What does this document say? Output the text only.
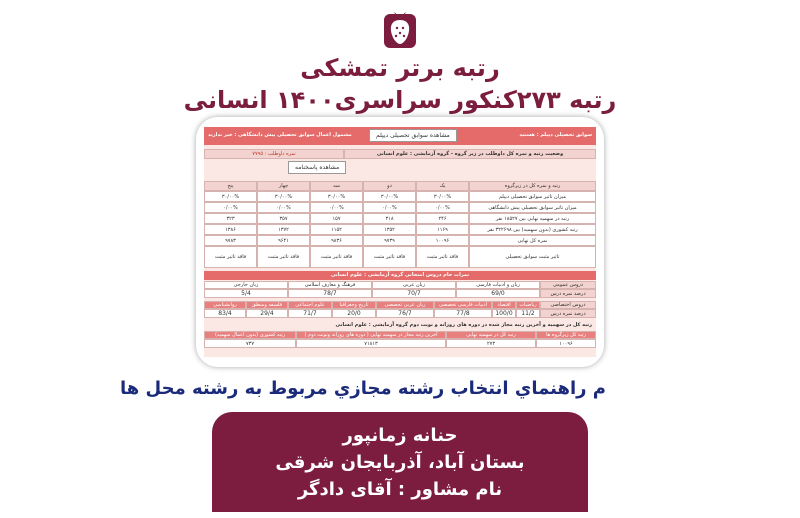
رتبه برتر تمشکی
رتبه ۲۷۳کنکور سراسری۱۴۰۰ انسانی
سوابق تحصیلی دیپلم : هستید
مشمول اعمال سوابق تحصیلی پیش دانشگاهی : خیر ندارید	مشاهده سوابق تحصیلی دیپلم
وضعیت رتبه و نمره کل داوطلب در زیر گروه - گروه آزمایشی : علوم انسانی
نمره داوطلب : ۷۷۹۵
مشاهده پاسخنامه
رتبه و نمره کل در زیرگروه
یک
دو
سه
چهار
پنج
میزان تاثیر سوابق تحصیلی دیپلم
۳۰/۰۰%
۳۰/۰۰%
۳۰/۰۰%
۳۰/۰۰%
۳۰/۰۰%
میزان تاثیر سوابق تحصیلی پیش دانشگاهی
۰/۰۰%
۰/۰۰%
۰/۰۰%
۰/۰۰%
۰/۰۰%
رتبه در سهمیه نهایی بین ۱۸۵۲۷ نفر
۲۴۶
۳۱۸
۱۵۷
۳۵۷
۳۲۳
رتبه کشوری (بدون سهمیه) بین ۳۲۲۶۹۸ نفر
۱۱۶۹
۱۳۵۲
۱۱۵۲
۱۳۷۲
۱۳۸۶
نمره کل نهایی
۱۰۰۹۶
۹۷۳۹
۹۸۳۶
۹۶۴۱
۹۷۸۳
تاثیر مثبت سوابق تحصیلی
فاقد تاثیر مثبت
فاقد تاثیر مثبت
فاقد تاثیر مثبت
فاقد تاثیر مثبت
فاقد تاثیر مثبت
نمرات خام دروس امتحانی گروه آزمایشی : علوم انسانی
دروس عمومی
زبان و ادبیات فارسی
زبان عربی
فرهنگ و معارف اسلامی
زبان خارجی
درصد نمره درس
69/0
70/7
78/7
5/4
دروس اختصاصی
ریاضیات
اقتصاد
ادبیات فارسی تخصصی
زبان عربی تخصصی
تاریخ وجغرافیا
علوم اجتماعی
فلسفه ومنطق
روانشناسی
درصد نمره درس
11/2
100/0
77/8
76/7
20/0
71/7
29/4
83/4
رتبه کل در سهمیه و آخرین رتبه مجاز شده در دوره های روزانه و نوبت دوم گروه آزمایشی : علوم انسانی
رتبه کل زیرگروه ها
رتبه کل در سهمیه نهایی
آخرین رتبه مجاز در سهمیه نهایی ( دوره های روزانه ونوبت دوم )
رتبه کشوری (بدون اعمال سهمیه)
۱۰۰۹۶
۲۷۳
۷۱۸۱۳
۷۳۷
م راهنماي انتخاب رشته مجازي مربوط به رشته محل ها
حنانه زمانپور
بستان آباد، آذربایجان شرقی
نام مشاور : آقای دادگر
